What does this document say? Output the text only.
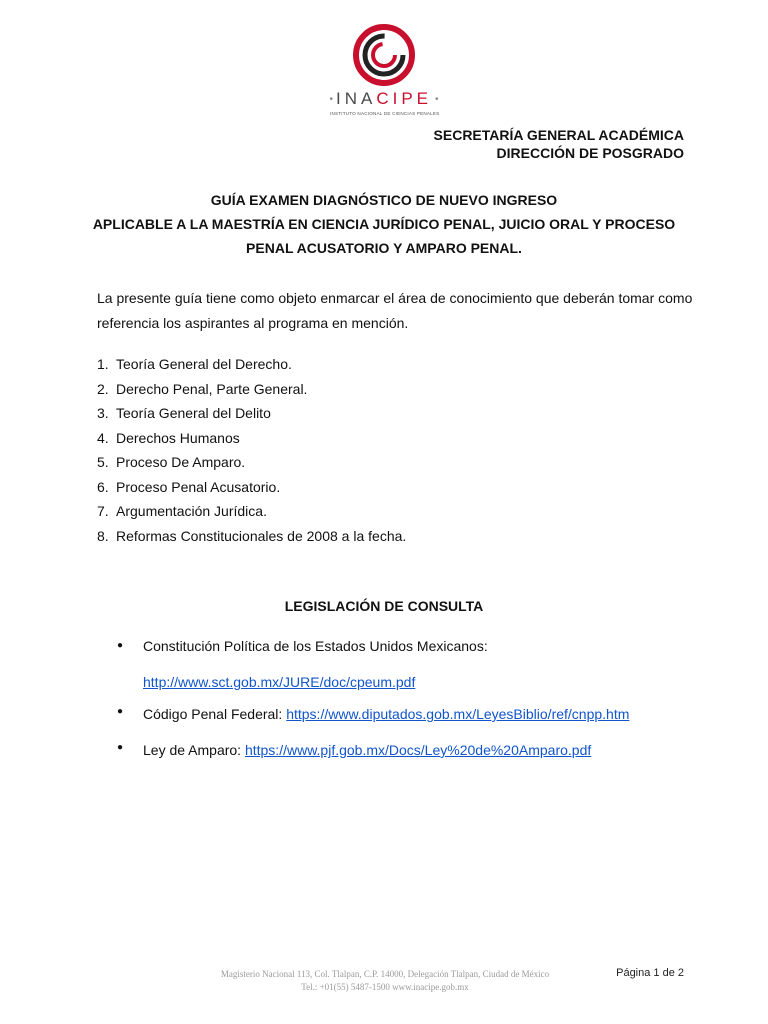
• INACIPE •
INSTITUTO NACIONAL DE CIENCIAS PENALES
SECRETARÍA GENERAL ACADÉMICA
DIRECCIÓN DE POSGRADO
GUÍA EXAMEN DIAGNÓSTICO DE NUEVO INGRESO
APLICABLE A LA MAESTRÍA EN CIENCIA JURÍDICO PENAL, JUICIO ORAL Y PROCESO
PENAL ACUSATORIO Y AMPARO PENAL.
La presente guía tiene como objeto enmarcar el área de conocimiento que deberán tomar como
referencia los aspirantes al programa en mención.
1. Teoría General del Derecho.
2. Derecho Penal, Parte General.
3. Teoría General del Delito
4. Derechos Humanos
5. Proceso De Amparo.
6. Proceso Penal Acusatorio.
7. Argumentación Jurídica.
8. Reformas Constitucionales de 2008 a la fecha.
LEGISLACIÓN DE CONSULTA
● Constitución Política de los Estados Unidos Mexicanos:
http://www.sct.gob.mx/JURE/doc/cpeum.pdf
● Código Penal Federal: https://www.diputados.gob.mx/LeyesBiblio/ref/cnpp.htm
● Ley de Amparo: https://www.pjf.gob.mx/Docs/Ley%20de%20Amparo.pdf
Magisterio Nacional 113, Col. Tlalpan, C.P. 14000, Delegación Tlalpan, Ciudad de México
Tel.: +01(55) 5487-1500 www.inacipe.gob.mx
Página 1 de 2
